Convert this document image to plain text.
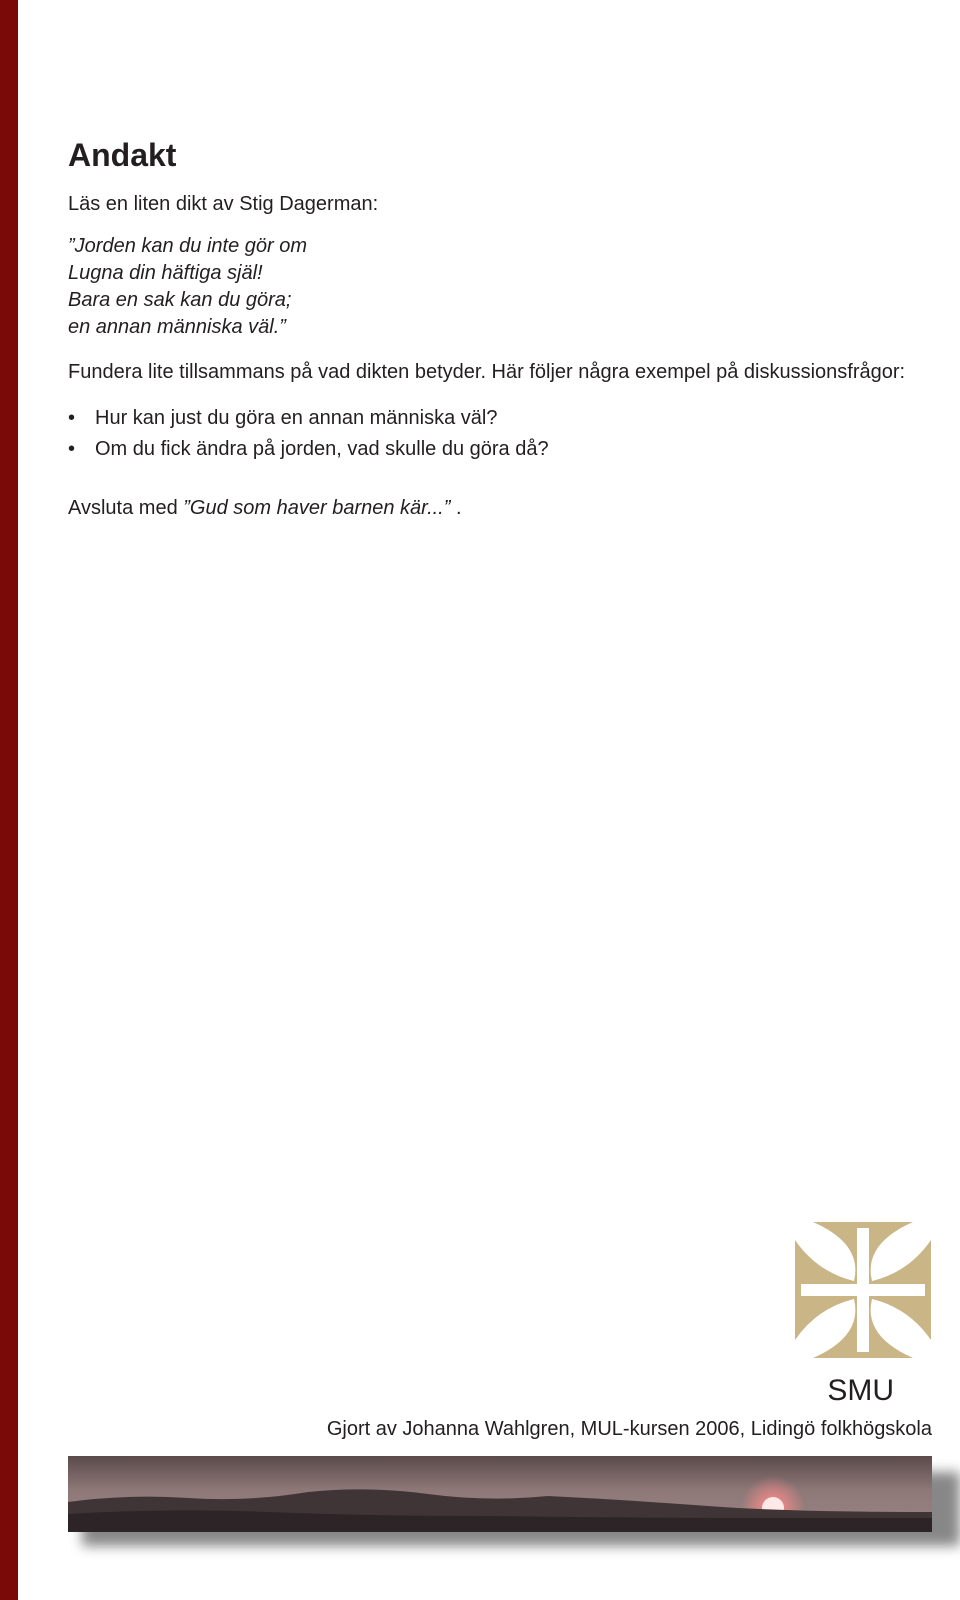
Andakt

Läs en liten dikt av Stig Dagerman:

”Jorden kan du inte gör om
Lugna din häftiga själ!
Bara en sak kan du göra;
en annan människa väl.”

Fundera lite tillsammans på vad dikten betyder. Här följer några exempel på diskussionsfrågor:

• Hur kan just du göra en annan människa väl?
• Om du fick ändra på jorden, vad skulle du göra då?

Avsluta med ”Gud som haver barnen kär...” .

SMU
Gjort av Johanna Wahlgren, MUL-kursen 2006, Lidingö folkhögskola
